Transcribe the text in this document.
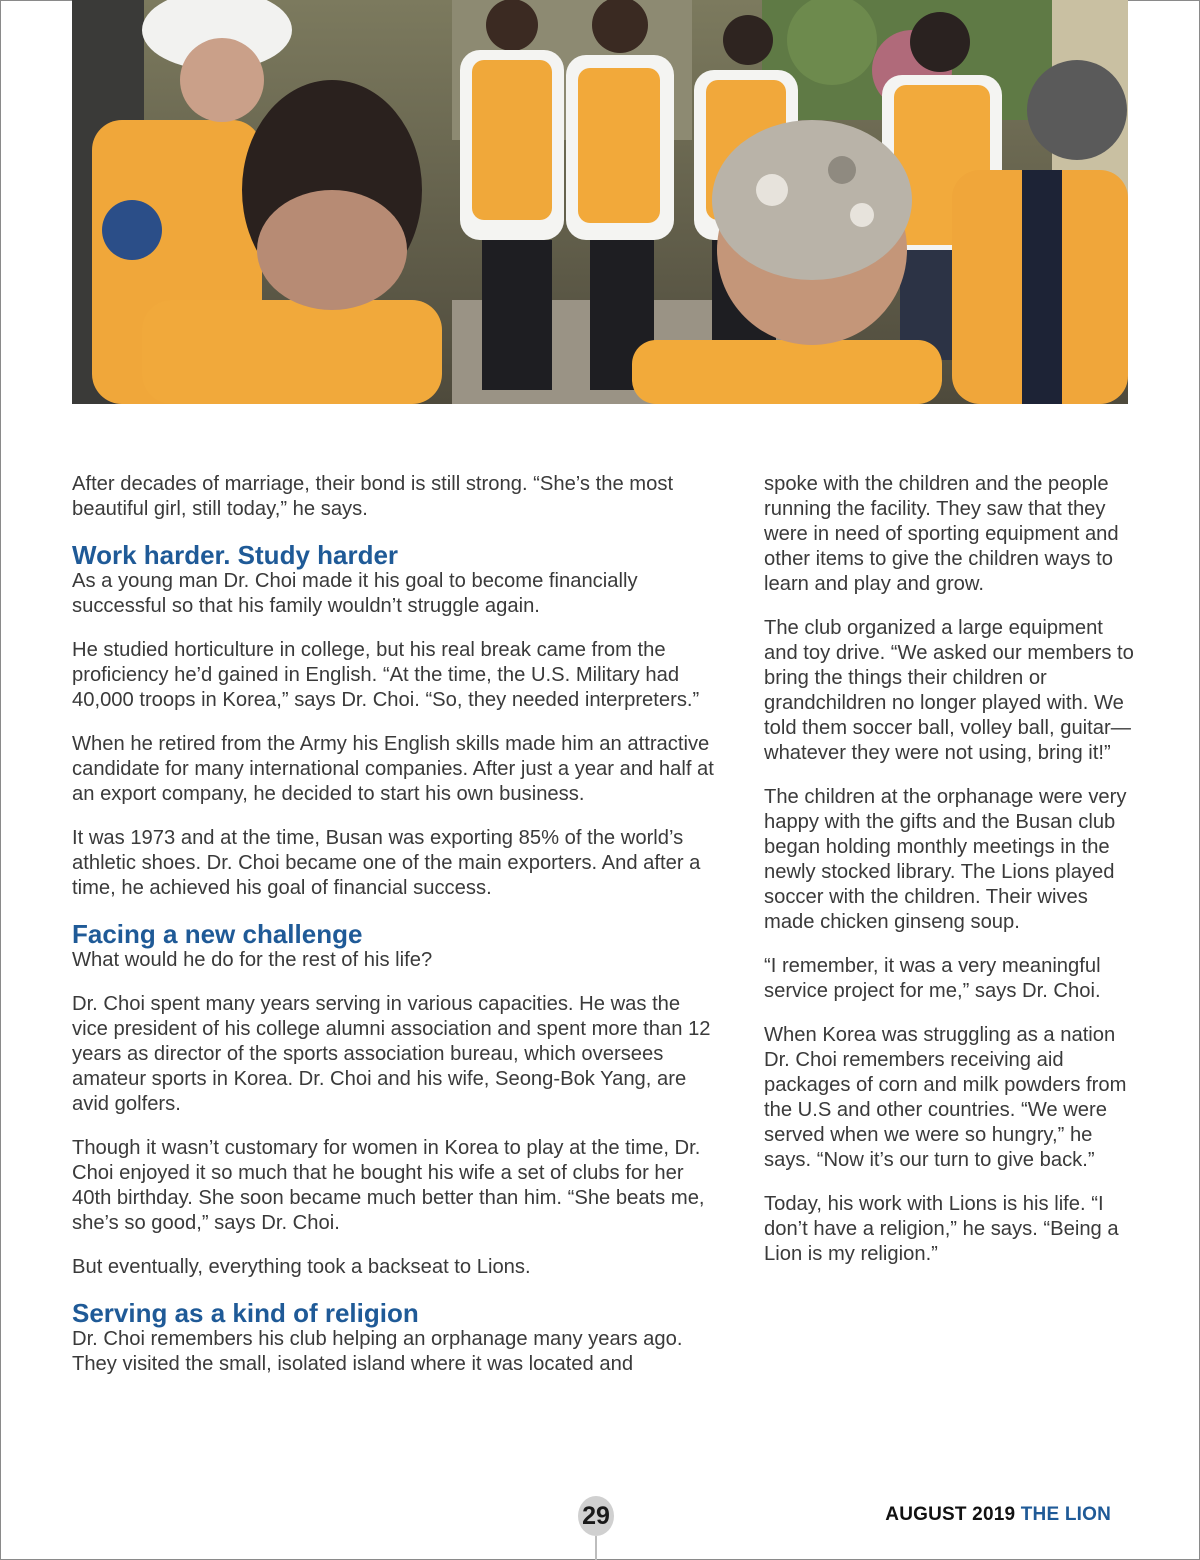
After decades of marriage, their bond is still strong. “She’s the most beautiful girl, still today,” he says.

Work harder. Study harder

As a young man Dr. Choi made it his goal to become financially successful so that his family wouldn’t struggle again.

He studied horticulture in college, but his real break came from the proficiency he’d gained in English. “At the time, the U.S. Military had 40,000 troops in Korea,” says Dr. Choi. “So, they needed interpreters.”

When he retired from the Army his English skills made him an attractive candidate for many international companies. After just a year and half at an export company, he decided to start his own business.

It was 1973 and at the time, Busan was exporting 85% of the world’s athletic shoes. Dr. Choi became one of the main exporters. And after a time, he achieved his goal of financial success.

Facing a new challenge

What would he do for the rest of his life?

Dr. Choi spent many years serving in various capacities. He was the vice president of his college alumni association and spent more than 12 years as director of the sports association bureau, which oversees amateur sports in Korea. Dr. Choi and his wife, Seong-Bok Yang, are avid golfers.

Though it wasn’t customary for women in Korea to play at the time, Dr. Choi enjoyed it so much that he bought his wife a set of clubs for her 40th birthday. She soon became much better than him. “She beats me, she’s so good,” says Dr. Choi.

But eventually, everything took a backseat to Lions.

Serving as a kind of religion

Dr. Choi remembers his club helping an orphanage many years ago. They visited the small, isolated island where it was located and

spoke with the children and the people running the facility. They saw that they were in need of sporting equipment and other items to give the children ways to learn and play and grow.

The club organized a large equipment and toy drive. “We asked our members to bring the things their children or grandchildren no longer played with. We told them soccer ball, volley ball, guitar—whatever they were not using, bring it!”

The children at the orphanage were very happy with the gifts and the Busan club began holding monthly meetings in the newly stocked library. The Lions played soccer with the children. Their wives made chicken ginseng soup.

“I remember, it was a very meaningful service project for me,” says Dr. Choi.

When Korea was struggling as a nation Dr. Choi remembers receiving aid packages of corn and milk powders from the U.S and other countries. “We were served when we were so hungry,” he says. “Now it’s our turn to give back.”

Today, his work with Lions is his life. “I don’t have a religion,” he says. “Being a Lion is my religion.”

29	AUGUST 2019 THE LION
